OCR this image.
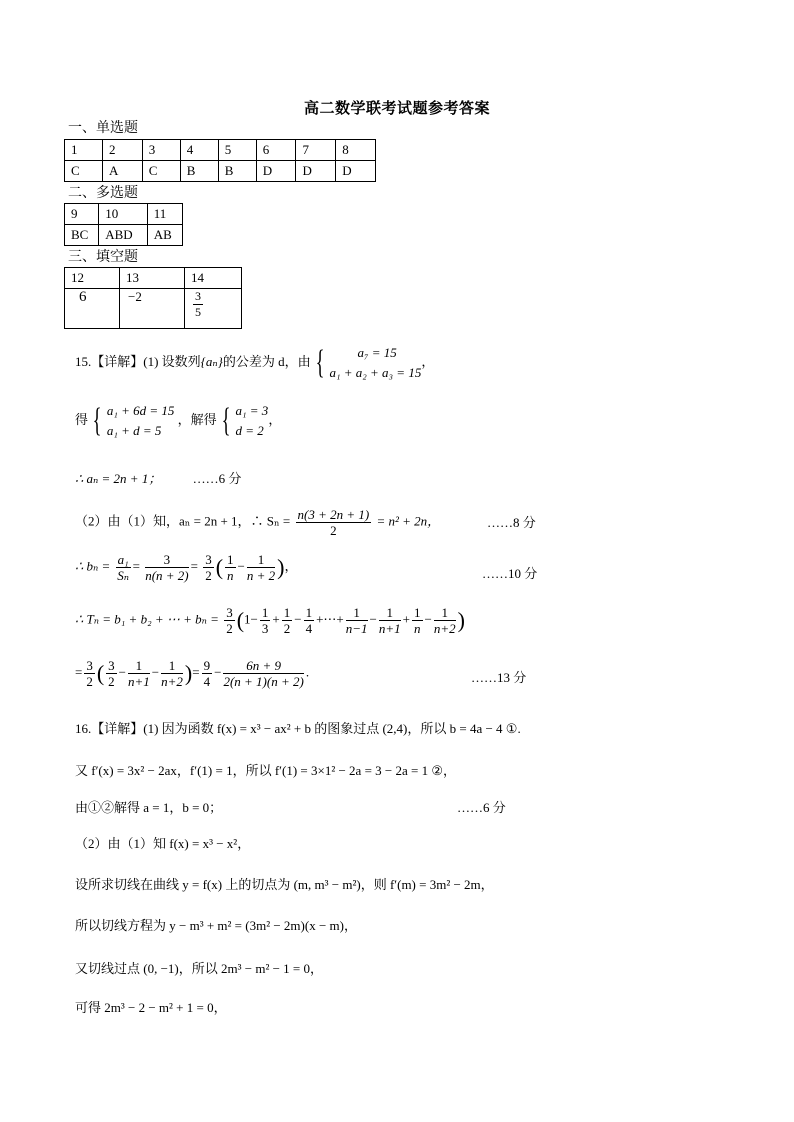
高二数学联考试题参考答案
一、单选题
1	2	3	4	5	6	7	8
C	A	C	B	B	D	D	D
二、多选题
9	10	11
BC	ABD	AB
三、填空题
12	13	14
6	−2	$\frac{3}{5}$
15.【详解】(1) 设数列{aₙ}的公差为 d，由 {	a₇ = 15
a₁ + a₂ + a₃ = 15
，
得 { a₁ + 6d = 15
a₁ + d = 5
，解得 { a₁ = 3
d = 2
，
∴ aₙ = 2n + 1； ……6 分
（2）由（1）知，aₙ = 2n + 1，∴ $S_n = \frac{n(3 + 2n + 1)}{2} = n^2 + 2n$，	……8 分
∴ $b_n = \frac{\text{a₁}}{\text{Sₙ}} = \frac{3}{n(n + 2)} = \frac{3}{2}$ ( $\frac{1}{n} - \frac{1}{n + 2}$ )，
……10 分
∴ Tₙ = b₁ + b₂ + ⋯ + $b_n = \frac{3}{2} (1- \frac{1}{3} + \frac{1}{2} - \frac{1}{4}$ +⋯+ $\frac{1}{n-1} - \frac{1}{n+1} + \frac{1}{n} - \frac{1}{n+2}$ )
= $\frac{3}{2}$ ( $\frac{3}{2} - \frac{1}{n+1} - \frac{1}{n+2}$ )= $\frac{9}{4} - \frac{6n + 9}{2(n + 1)(n + 2)}$ .	……13 分
16.【详解】(1) 因为函数 f(x) = x³ − ax² + b 的图象过点 (2,4)，所以 b = 4a − 4 ①.
又 f′(x) = 3x² − 2ax，f′(1) = 1，所以 f′(1) = 3×1² − 2a = 3 − 2a = 1 ②，
由①②解得 a = 1，b = 0；	……6 分
（2）由（1）知 f(x) = x³ − x²，
设所求切线在曲线 y = f(x) 上的切点为 (m, m³ − m²)，则 f′(m) = 3m² − 2m，
所以切线方程为 y − m³ + m² = (3m² − 2m)(x − m)，
又切线过点 (0, −1)，所以 2m³ − m² − 1 = 0，
可得 2m³ − 2 − m² + 1 = 0，
